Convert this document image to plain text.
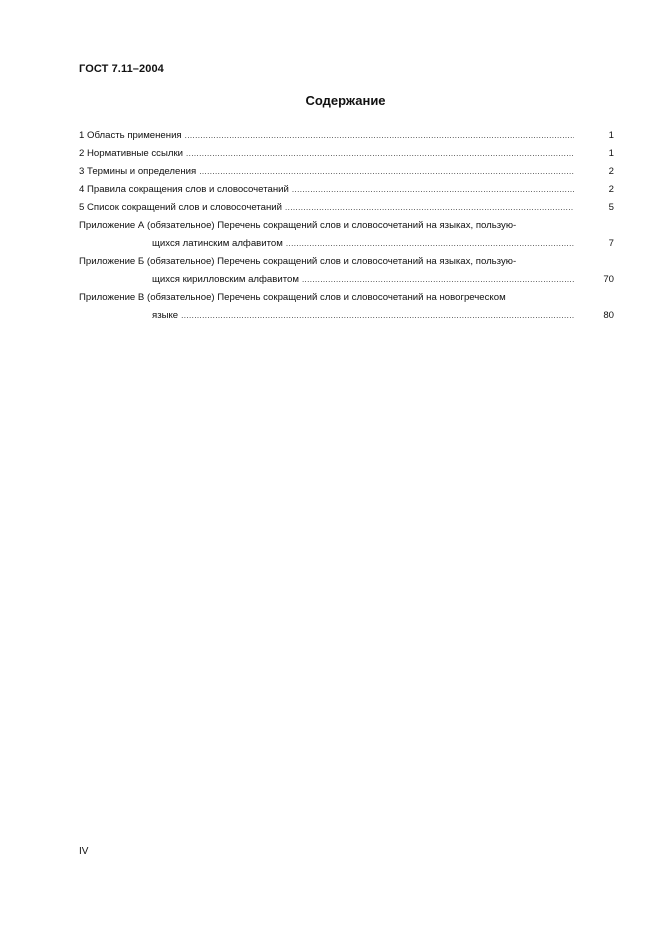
ГОСТ 7.11–2004
Содержание
1 Область применения .....	1
2 Нормативные ссылки .....	1
3 Термины и определения .....	2
4 Правила сокращения слов и словосочетаний .....	2
5 Список сокращений слов и словосочетаний .....	5
Приложение А (обязательное) Перечень сокращений слов и словосочетаний на языках, пользую-
щихся латинским алфавитом .....	7
Приложение Б (обязательное) Перечень сокращений слов и словосочетаний на языках, пользую-
щихся кирилловским алфавитом .....	70
Приложение В (обязательное) Перечень сокращений слов и словосочетаний на новогреческом
языке .....	80
IV
